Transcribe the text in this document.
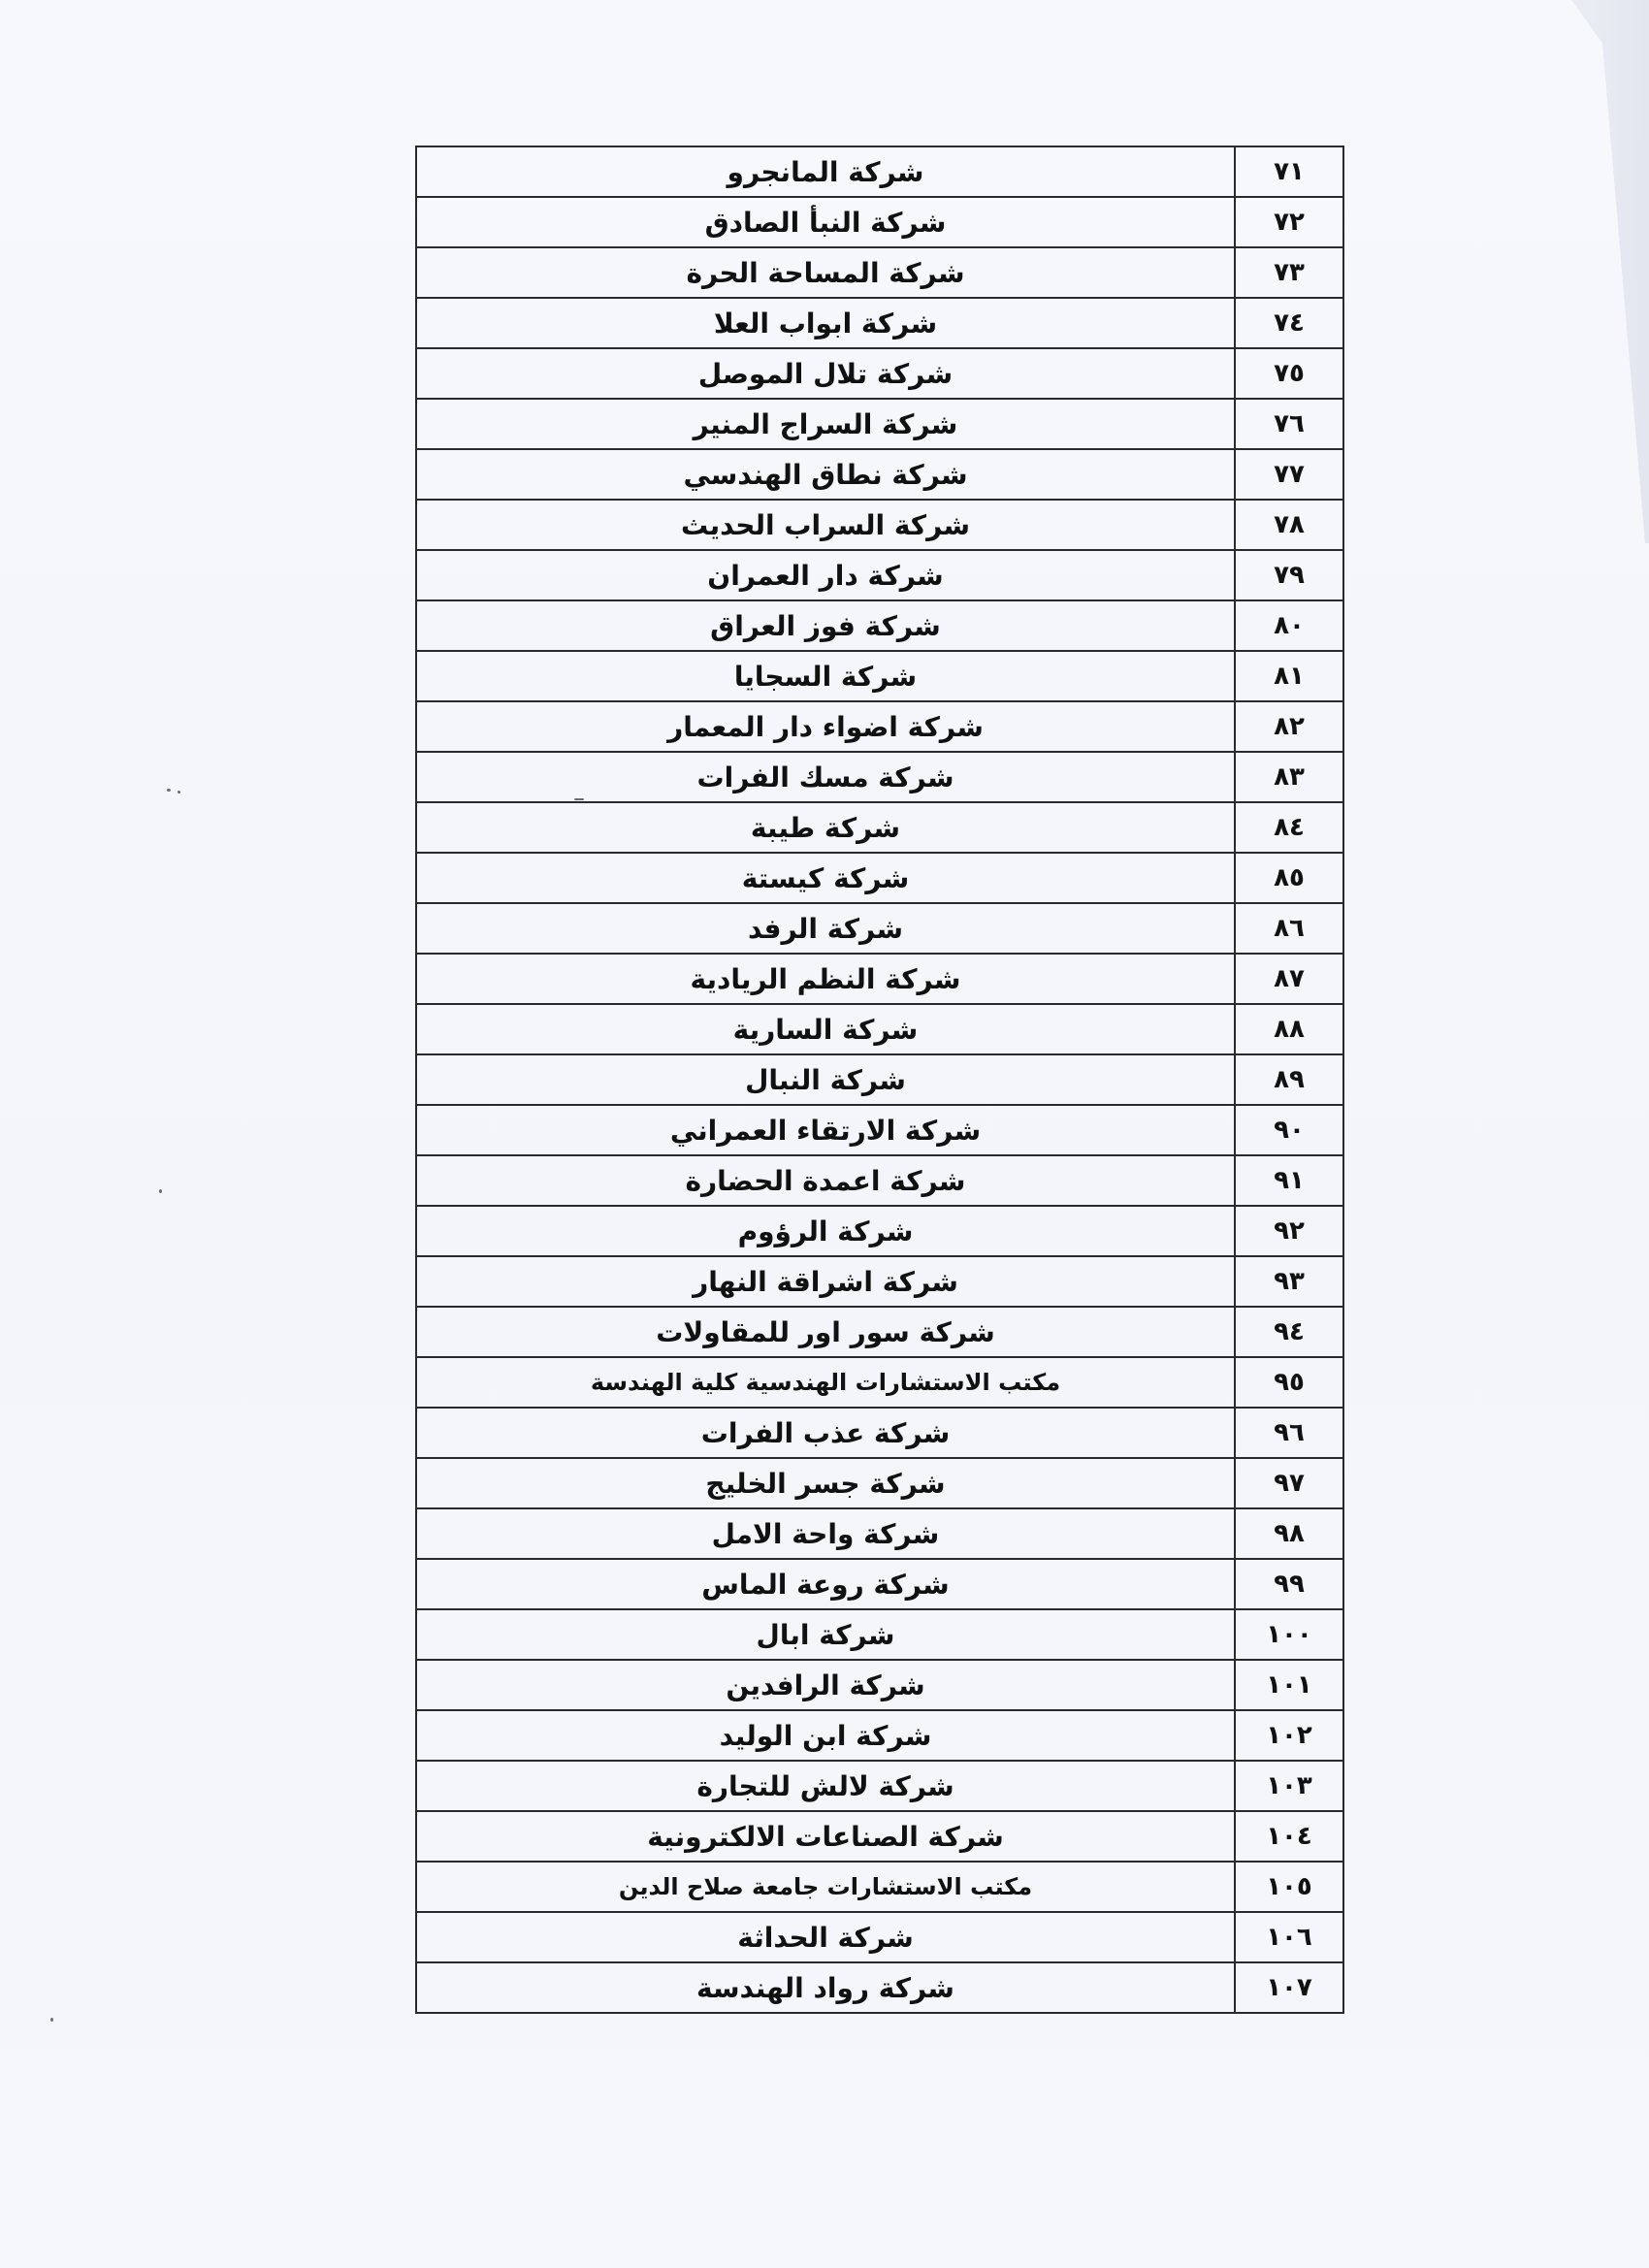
٧١	شركة المانجرو
٧٢	شركة النبأ الصادق
٧٣	شركة المساحة الحرة
٧٤	شركة ابواب العلا
٧٥	شركة تلال الموصل
٧٦	شركة السراج المنير
٧٧	شركة نطاق الهندسي
٧٨	شركة السراب الحديث
٧٩	شركة دار العمران
٨٠	شركة فوز العراق
٨١	شركة السجايا
٨٢	شركة اضواء دار المعمار
٨٣	شركة مسك الفرات
٨٤	شركة طيبة
٨٥	شركة كيستة
٨٦	شركة الرفد
٨٧	شركة النظم الريادية
٨٨	شركة السارية
٨٩	شركة النبال
٩٠	شركة الارتقاء العمراني
٩١	شركة اعمدة الحضارة
٩٢	شركة الرؤوم
٩٣	شركة اشراقة النهار
٩٤	شركة سور اور للمقاولات
٩٥	مكتب الاستشارات الهندسية كلية الهندسة
٩٦	شركة عذب الفرات
٩٧	شركة جسر الخليج
٩٨	شركة واحة الامل
٩٩	شركة روعة الماس
١٠٠	شركة ابال
١٠١	شركة الرافدين
١٠٢	شركة ابن الوليد
١٠٣	شركة لالش للتجارة
١٠٤	شركة الصناعات الالكترونية
١٠٥	مكتب الاستشارات جامعة صلاح الدين
١٠٦	شركة الحداثة
١٠٧	شركة رواد الهندسة
